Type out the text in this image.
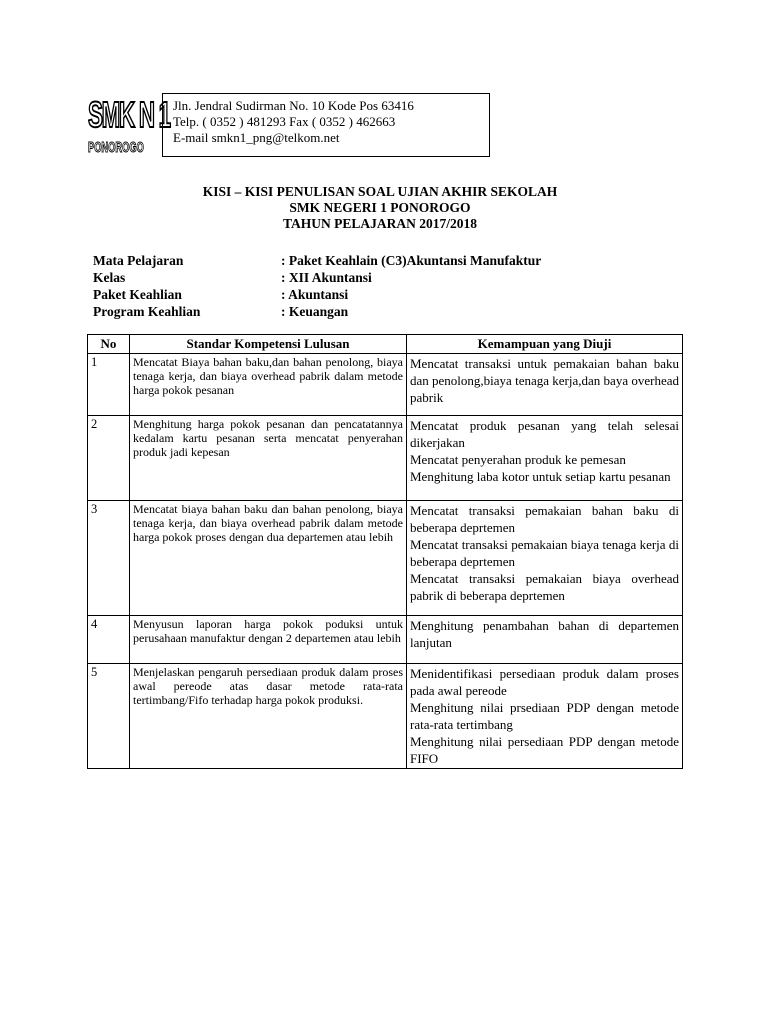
SMK N 1
PONOROGO
Jln. Jendral Sudirman No. 10 Kode Pos 63416
Telp. ( 0352 ) 481293 Fax ( 0352 ) 462663
E-mail smkn1_png@telkom.net
KISI – KISI PENULISAN SOAL UJIAN AKHIR SEKOLAH
SMK NEGERI 1 PONOROGO
TAHUN PELAJARAN 2017/2018
Mata Pelajaran	: Paket Keahlain (C3)Akuntansi Manufaktur
Kelas	: XII Akuntansi
Paket Keahlian	: Akuntansi
Program Keahlian	: Keuangan
No	Standar Kompetensi Lulusan	Kemampuan yang Diuji
1	Mencatat Biaya bahan baku,dan bahan penolong, biaya tenaga kerja, dan biaya overhead pabrik dalam metode harga pokok pesanan	Mencatat transaksi untuk pemakaian bahan baku dan penolong,biaya tenaga kerja,dan baya overhead pabrik

2	Menghitung harga pokok pesanan dan pencatatannya kedalam kartu pesanan serta mencatat penyerahan produk jadi kepesan	Mencatat produk pesanan yang telah selesai dikerjakan
Mencatat penyerahan produk ke pemesan
Menghitung laba kotor untuk setiap kartu pesanan

3	Mencatat biaya bahan baku dan bahan penolong, biaya tenaga kerja, dan biaya overhead pabrik dalam metode harga pokok proses dengan dua departemen atau lebih	Mencatat transaksi pemakaian bahan baku di beberapa deprtemen
Mencatat transaksi pemakaian biaya tenaga kerja di beberapa deprtemen
Mencatat transaksi pemakaian biaya overhead pabrik di beberapa deprtemen

4	Menyusun laporan harga pokok poduksi untuk perusahaan manufaktur dengan 2 departemen atau lebih	Menghitung penambahan bahan di departemen lanjutan

5	Menjelaskan pengaruh persediaan produk dalam proses awal pereode atas dasar metode rata-rata tertimbang/Fifo terhadap harga pokok produksi.	Menidentifikasi persediaan produk dalam proses pada awal pereode
Menghitung nilai prsediaan PDP dengan metode rata-rata tertimbang
Menghitung nilai persediaan PDP dengan metode FIFO
